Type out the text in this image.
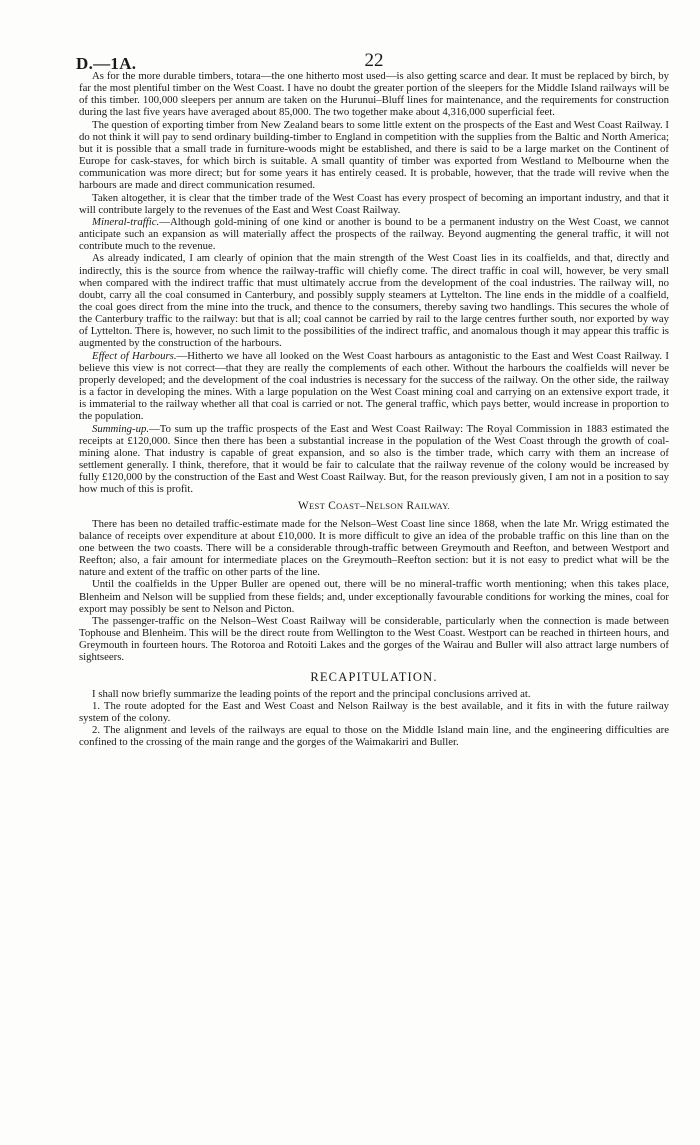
D.—1A.	22

As for the more durable timbers, totara—the one hitherto most used—is also getting scarce and dear. It must be replaced by birch, by far the most plentiful timber on the West Coast. I have no doubt the greater portion of the sleepers for the Middle Island railways will be of this timber. 100,000 sleepers per annum are taken on the Hurunui–Bluff lines for maintenance, and the requirements for construction during the last five years have averaged about 85,000. The two together make about 4,316,000 superficial feet.

The question of exporting timber from New Zealand bears to some little extent on the prospects of the East and West Coast Railway. I do not think it will pay to send ordinary building-timber to England in competition with the supplies from the Baltic and North America; but it is possible that a small trade in furniture-woods might be established, and there is said to be a large market on the Continent of Europe for cask-staves, for which birch is suitable. A small quantity of timber was exported from Westland to Melbourne when the communication was more direct; but for some years it has entirely ceased. It is probable, however, that the trade will revive when the harbours are made and direct communication resumed.

Taken altogether, it is clear that the timber trade of the West Coast has every prospect of becoming an important industry, and that it will contribute largely to the revenues of the East and West Coast Railway.

Mineral-traffic.—Although gold-mining of one kind or another is bound to be a permanent industry on the West Coast, we cannot anticipate such an expansion as will materially affect the prospects of the railway. Beyond augmenting the general traffic, it will not contribute much to the revenue.

As already indicated, I am clearly of opinion that the main strength of the West Coast lies in its coalfields, and that, directly and indirectly, this is the source from whence the railway-traffic will chiefly come. The direct traffic in coal will, however, be very small when compared with the indirect traffic that must ultimately accrue from the development of the coal industries. The railway will, no doubt, carry all the coal consumed in Canterbury, and possibly supply steamers at Lyttelton. The line ends in the middle of a coalfield, the coal goes direct from the mine into the truck, and thence to the consumers, thereby saving two handlings. This secures the whole of the Canterbury traffic to the railway: but that is all; coal cannot be carried by rail to the large centres further south, nor exported by way of Lyttelton. There is, however, no such limit to the possibilities of the indirect traffic, and anomalous though it may appear this traffic is augmented by the construction of the harbours.

Effect of Harbours.—Hitherto we have all looked on the West Coast harbours as antagonistic to the East and West Coast Railway. I believe this view is not correct—that they are really the complements of each other. Without the harbours the coalfields will never be properly developed; and the development of the coal industries is necessary for the success of the railway. On the other side, the railway is a factor in developing the mines. With a large population on the West Coast mining coal and carrying on an extensive export trade, it is immaterial to the railway whether all that coal is carried or not. The general traffic, which pays better, would increase in proportion to the population.

Summing-up.—To sum up the traffic prospects of the East and West Coast Railway: The Royal Commission in 1883 estimated the receipts at £120,000. Since then there has been a substantial increase in the population of the West Coast through the growth of coal-mining alone. That industry is capable of great expansion, and so also is the timber trade, which carry with them an increase of settlement generally. I think, therefore, that it would be fair to calculate that the railway revenue of the colony would be increased by fully £120,000 by the construction of the East and West Coast Railway. But, for the reason previously given, I am not in a position to say how much of this is profit.

WEST COAST–NELSON RAILWAY.

There has been no detailed traffic-estimate made for the Nelson–West Coast line since 1868, when the late Mr. Wrigg estimated the balance of receipts over expenditure at about £10,000. It is more difficult to give an idea of the probable traffic on this line than on the one between the two coasts. There will be a considerable through-traffic between Greymouth and Reefton, and between Westport and Reefton; also, a fair amount for intermediate places on the Greymouth–Reefton section: but it is not easy to predict what will be the nature and extent of the traffic on other parts of the line.

Until the coalfields in the Upper Buller are opened out, there will be no mineral-traffic worth mentioning; when this takes place, Blenheim and Nelson will be supplied from these fields; and, under exceptionally favourable conditions for working the mines, coal for export may possibly be sent to Nelson and Picton.

The passenger-traffic on the Nelson–West Coast Railway will be considerable, particularly when the connection is made between Tophouse and Blenheim. This will be the direct route from Wellington to the West Coast. Westport can be reached in thirteen hours, and Greymouth in fourteen hours. The Rotoroa and Rotoiti Lakes and the gorges of the Wairau and Buller will also attract large numbers of sightseers.

RECAPITULATION.

I shall now briefly summarize the leading points of the report and the principal conclusions arrived at.

1. The route adopted for the East and West Coast and Nelson Railway is the best available, and it fits in with the future railway system of the colony.

2. The alignment and levels of the railways are equal to those on the Middle Island main line, and the engineering difficulties are confined to the crossing of the main range and the gorges of the Waimakariri and Buller.
